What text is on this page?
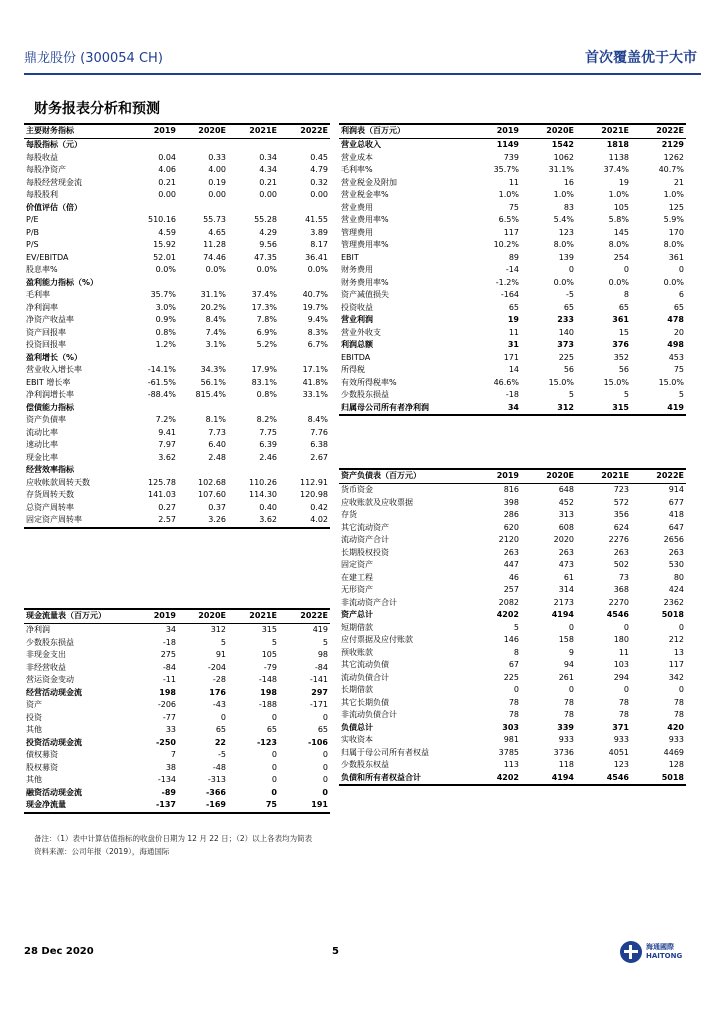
鼎龙股份 (300054 CH)	首次覆盖优于大市
财务报表分析和预测
主要财务指标	2019	2020E	2021E	2022E
每股指标（元）				
每股收益	0.04	0.33	0.34	0.45
每股净资产	4.06	4.00	4.34	4.79
每股经营现金流	0.21	0.19	0.21	0.32
每股股利	0.00	0.00	0.00	0.00
价值评估（倍）				
P/E	510.16	55.73	55.28	41.55
P/B	4.59	4.65	4.29	3.89
P/S	15.92	11.28	9.56	8.17
EV/EBITDA	52.01	74.46	47.35	36.41
股息率%	0.0%	0.0%	0.0%	0.0%
盈利能力指标（%）				
毛利率	35.7%	31.1%	37.4%	40.7%
净利润率	3.0%	20.2%	17.3%	19.7%
净资产收益率	0.9%	8.4%	7.8%	9.4%
资产回报率	0.8%	7.4%	6.9%	8.3%
投资回报率	1.2%	3.1%	5.2%	6.7%
盈利增长（%）				
营业收入增长率	-14.1%	34.3%	17.9%	17.1%
EBIT 增长率	-61.5%	56.1%	83.1%	41.8%
净利润增长率	-88.4%	815.4%	0.8%	33.1%
偿债能力指标				
资产负债率	7.2%	8.1%	8.2%	8.4%
流动比率	9.41	7.73	7.75	7.76
速动比率	7.97	6.40	6.39	6.38
现金比率	3.62	2.48	2.46	2.67
经营效率指标				
应收帐款周转天数	125.78	102.68	110.26	112.91
存货周转天数	141.03	107.60	114.30	120.98
总资产周转率	0.27	0.37	0.40	0.42
固定资产周转率	2.57	3.26	3.62	4.02
利润表（百万元）	2019	2020E	2021E	2022E
营业总收入	1149	1542	1818	2129
营业成本	739	1062	1138	1262
毛利率%	35.7%	31.1%	37.4%	40.7%
营业税金及附加	11	16	19	21
营业税金率%	1.0%	1.0%	1.0%	1.0%
营业费用	75	83	105	125
营业费用率%	6.5%	5.4%	5.8%	5.9%
管理费用	117	123	145	170
管理费用率%	10.2%	8.0%	8.0%	8.0%
EBIT	89	139	254	361
财务费用	-14	0	0	0
财务费用率%	-1.2%	0.0%	0.0%	0.0%
资产减值损失	-164	-5	8	6
投资收益	65	65	65	65
营业利润	19	233	361	478
营业外收支	11	140	15	20
利润总额	31	373	376	498
EBITDA	171	225	352	453
所得税	14	56	56	75
有效所得税率%	46.6%	15.0%	15.0%	15.0%
少数股东损益	-18	5	5	5
归属母公司所有者净利润	34	312	315	419
资产负债表（百万元）	2019	2020E	2021E	2022E
货币资金	816	648	723	914
应收账款及应收票据	398	452	572	677
存货	286	313	356	418
其它流动资产	620	608	624	647
流动资产合计	2120	2020	2276	2656
长期股权投资	263	263	263	263
固定资产	447	473	502	530
在建工程	46	61	73	80
无形资产	257	314	368	424
非流动资产合计	2082	2173	2270	2362
资产总计	4202	4194	4546	5018
短期借款	5	0	0	0
应付票据及应付账款	146	158	180	212
预收账款	8	9	11	13
其它流动负债	67	94	103	117
流动负债合计	225	261	294	342
长期借款	0	0	0	0
其它长期负债	78	78	78	78
非流动负债合计	78	78	78	78
负债总计	303	339	371	420
实收资本	981	933	933	933
归属于母公司所有者权益	3785	3736	4051	4469
少数股东权益	113	118	123	128
负债和所有者权益合计	4202	4194	4546	5018
现金流量表（百万元）	2019	2020E	2021E	2022E
净利润	34	312	315	419
少数股东损益	-18	5	5	5
非现金支出	275	91	105	98
非经营收益	-84	-204	-79	-84
营运资金变动	-11	-28	-148	-141
经营活动现金流	198	176	198	297
资产	-206	-43	-188	-171
投资	-77	0	0	0
其他	33	65	65	65
投资活动现金流	-250	22	-123	-106
债权募资	7	-5	0	0
股权募资	38	-48	0	0
其他	-134	-313	0	0
融资活动现金流	-89	-366	0	0
现金净流量	-137	-169	75	191
备注：（1）表中计算估值指标的收盘价日期为 12 月 22 日；（2）以上各表均为简表
资料来源：公司年报（2019），海通国际
28 Dec 2020	5	海通國際
HAITONG
